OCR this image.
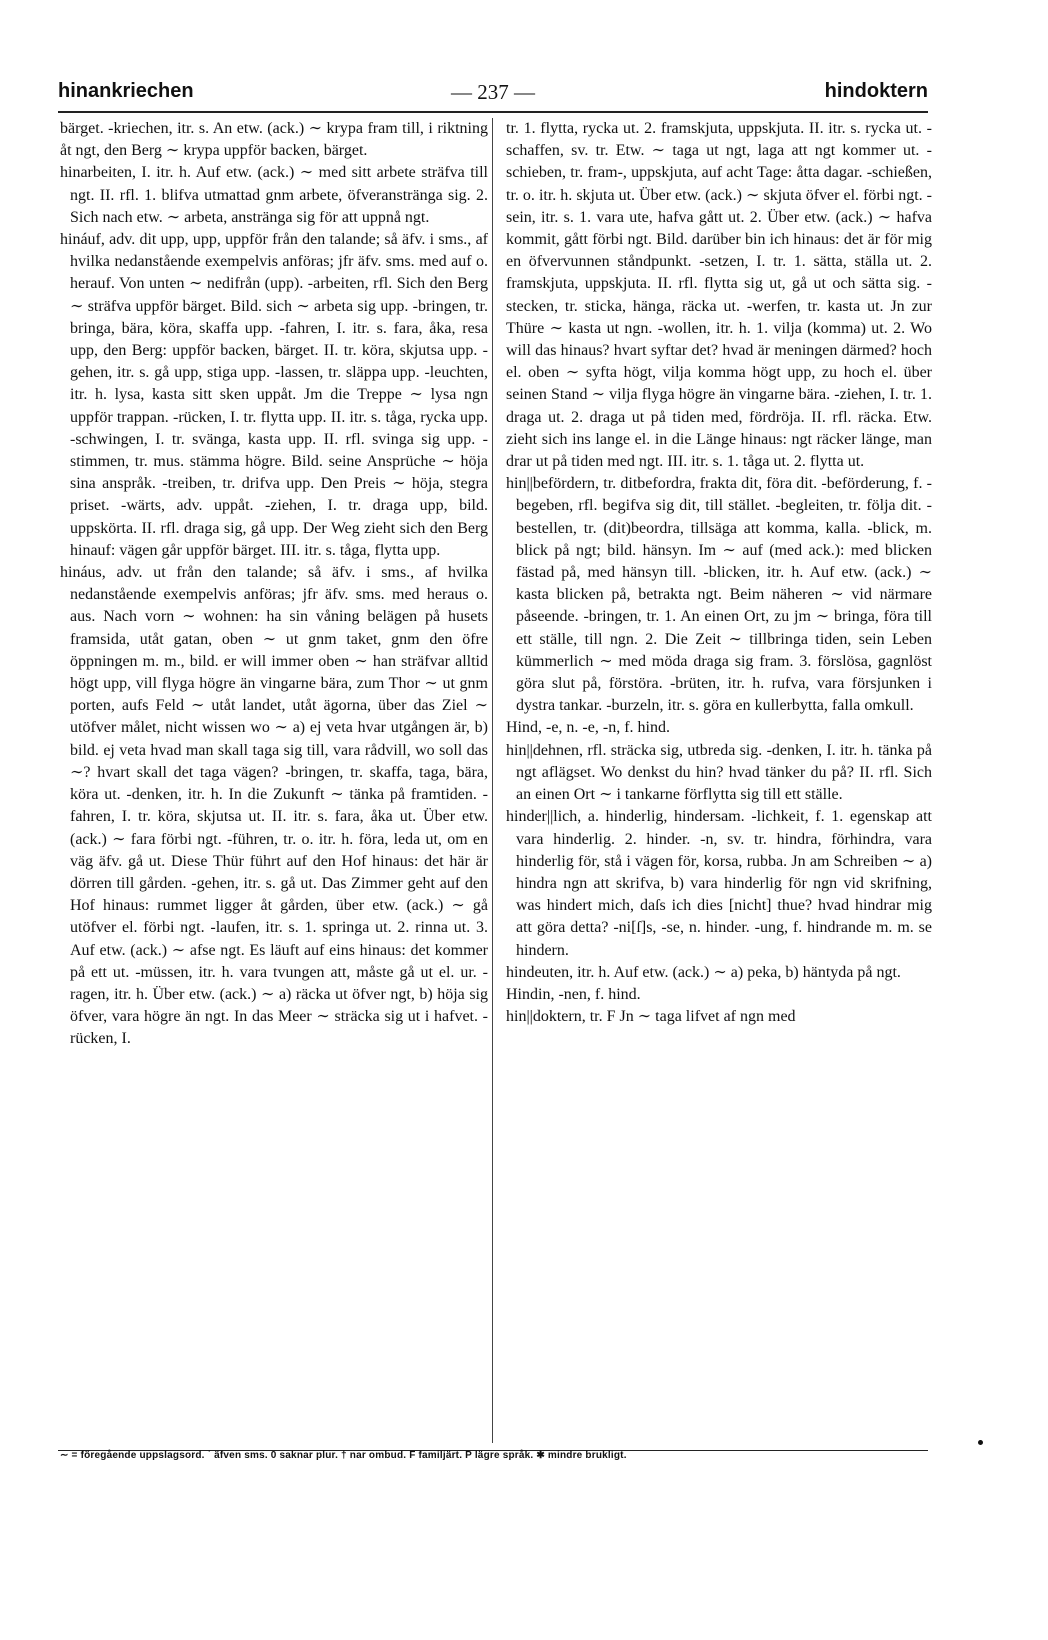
hinankriechen	— 237 —	hindoktern

bärget. -kriechen, itr. s. An etw. (ack.) ∼ krypa fram till, i riktning åt ngt, den Berg ∼ krypa uppför backen, bärget.

hinarbeiten, I. itr. h. Auf etw. (ack.) ∼ med sitt arbete sträfva till ngt. II. rfl. 1. blifva utmattad gnm arbete, öfveranstränga sig. 2. Sich nach etw. ∼ arbeta, anstränga sig för att uppnå ngt.

hináuf, adv. dit upp, upp, uppför från den talande; så äfv. i sms., af hvilka nedanstående exempelvis anföras; jfr äfv. sms. med auf o. herauf. Von unten ∼ nedifrån (upp). -arbeiten, rfl. Sich den Berg ∼ sträfva uppför bärget. Bild. sich ∼ arbeta sig upp. -bringen, tr. bringa, bära, köra, skaffa upp. -fahren, I. itr. s. fara, åka, resa upp, den Berg: uppför backen, bärget. II. tr. köra, skjutsa upp. -gehen, itr. s. gå upp, stiga upp. -lassen, tr. släppa upp. -leuchten, itr. h. lysa, kasta sitt sken uppåt. Jm die Treppe ∼ lysa ngn uppför trappan. -rücken, I. tr. flytta upp. II. itr. s. tåga, rycka upp. -schwingen, I. tr. svänga, kasta upp. II. rfl. svinga sig upp. -stimmen, tr. mus. stämma högre. Bild. seine Ansprüche ∼ höja sina anspråk. -treiben, tr. drifva upp. Den Preis ∼ höja, stegra priset. -wärts, adv. uppåt. -ziehen, I. tr. draga upp, bild. uppskörta. II. rfl. draga sig, gå upp. Der Weg zieht sich den Berg hinauf: vägen går uppför bärget. III. itr. s. tåga, flytta upp.

hináus, adv. ut från den talande; så äfv. i sms., af hvilka nedanstående exempelvis anföras; jfr äfv. sms. med heraus o. aus. Nach vorn ∼ wohnen: ha sin våning belägen på husets framsida, utåt gatan, oben ∼ ut gnm taket, gnm den öfre öppningen m. m., bild. er will immer oben ∼ han sträfvar alltid högt upp, vill flyga högre än vingarne bära, zum Thor ∼ ut gnm porten, aufs Feld ∼ utåt landet, utåt ägorna, über das Ziel ∼ utöfver målet, nicht wissen wo ∼ a) ej veta hvar utgången är, b) bild. ej veta hvad man skall taga sig till, vara rådvill, wo soll das ∼? hvart skall det taga vägen? -bringen, tr. skaffa, taga, bära, köra ut. -denken, itr. h. In die Zukunft ∼ tänka på framtiden. -fahren, I. tr. köra, skjutsa ut. II. itr. s. fara, åka ut. Über etw. (ack.) ∼ fara förbi ngt. -führen, tr. o. itr. h. föra, leda ut, om en väg äfv. gå ut. Diese Thür führt auf den Hof hinaus: det här är dörren till gården. -gehen, itr. s. gå ut. Das Zimmer geht auf den Hof hinaus: rummet ligger åt gården, über etw. (ack.) ∼ gå utöfver el. förbi ngt. -laufen, itr. s. 1. springa ut. 2. rinna ut. 3. Auf etw. (ack.) ∼ afse ngt. Es läuft auf eins hinaus: det kommer på ett ut. -müssen, itr. h. vara tvungen att, måste gå ut el. ur. -ragen, itr. h. Über etw. (ack.) ∼ a) räcka ut öfver ngt, b) höja sig öfver, vara högre än ngt. In das Meer ∼ sträcka sig ut i hafvet. -rücken, I.

tr. 1. flytta, rycka ut. 2. framskjuta, uppskjuta. II. itr. s. rycka ut. -schaffen, sv. tr. Etw. ∼ taga ut ngt, laga att ngt kommer ut. -schieben, tr. fram-, uppskjuta, auf acht Tage: åtta dagar. -schießen, tr. o. itr. h. skjuta ut. Über etw. (ack.) ∼ skjuta öfver el. förbi ngt. -sein, itr. s. 1. vara ute, hafva gått ut. 2. Über etw. (ack.) ∼ hafva kommit, gått förbi ngt. Bild. darüber bin ich hinaus: det är för mig en öfvervunnen ståndpunkt. -setzen, I. tr. 1. sätta, ställa ut. 2. framskjuta, uppskjuta. II. rfl. flytta sig ut, gå ut och sätta sig. -stecken, tr. sticka, hänga, räcka ut. -werfen, tr. kasta ut. Jn zur Thüre ∼ kasta ut ngn. -wollen, itr. h. 1. vilja (komma) ut. 2. Wo will das hinaus? hvart syftar det? hvad är meningen därmed? hoch el. oben ∼ syfta högt, vilja komma högt upp, zu hoch el. über seinen Stand ∼ vilja flyga högre än vingarne bära. -ziehen, I. tr. 1. draga ut. 2. draga ut på tiden med, fördröja. II. rfl. räcka. Etw. zieht sich ins lange el. in die Länge hinaus: ngt räcker länge, man drar ut på tiden med ngt. III. itr. s. 1. tåga ut. 2. flytta ut.

hin||befördern, tr. ditbefordra, frakta dit, föra dit. -beförderung, f. -begeben, rfl. begifva sig dit, till stället. -begleiten, tr. följa dit. -bestellen, tr. (dit)beordra, tillsäga att komma, kalla. -blick, m. blick på ngt; bild. hänsyn. Im ∼ auf (med ack.): med blicken fästad på, med hänsyn till. -blicken, itr. h. Auf etw. (ack.) ∼ kasta blicken på, betrakta ngt. Beim näheren ∼ vid närmare påseende. -bringen, tr. 1. An einen Ort, zu jm ∼ bringa, föra till ett ställe, till ngn. 2. Die Zeit ∼ tillbringa tiden, sein Leben kümmerlich ∼ med möda draga sig fram. 3. förslösa, gagnlöst göra slut på, förstöra. -brüten, itr. h. rufva, vara försjunken i dystra tankar. -burzeln, itr. s. göra en kullerbytta, falla omkull.

Hind, -e, n. -e, -n, f. hind.

hin||dehnen, rfl. sträcka sig, utbreda sig. -denken, I. itr. h. tänka på ngt aflägset. Wo denkst du hin? hvad tänker du på? II. rfl. Sich an einen Ort ∼ i tankarne förflytta sig till ett ställe.

hinder||lich, a. hinderlig, hindersam. -lichkeit, f. 1. egenskap att vara hinderlig. 2. hinder. -n, sv. tr. hindra, förhindra, vara hinderlig för, stå i vägen för, korsa, rubba. Jn am Schreiben ∼ a) hindra ngn att skrifva, b) vara hinderlig för ngn vid skrifning, was hindert mich, daſs ich dies [nicht] thue? hvad hindrar mig att göra detta? -ni[ſ]s, -se, n. hinder. -ung, f. hindrande m. m. se hindern.

hindeuten, itr. h. Auf etw. (ack.) ∼ a) peka, b) häntyda på ngt.

Hindin, -nen, f. hind.

hin||doktern, tr. F Jn ∼ taga lifvet af ngn med

∼ = föregående uppslagsord. ˙ äfven sms. 0 saknar plur. † nar ombud. F familjärt. P lägre språk. ✱ mindre brukligt.
